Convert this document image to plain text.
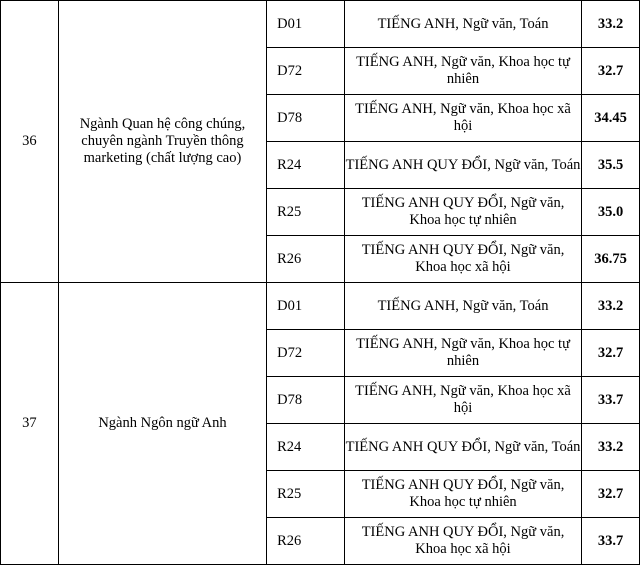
36	Ngành Quan hệ công chúng, chuyên ngành Truyền thông marketing (chất lượng cao)	D01	TIẾNG ANH, Ngữ văn, Toán	33.2
		D72	TIẾNG ANH, Ngữ văn, Khoa học tự nhiên	32.7
		D78	TIẾNG ANH, Ngữ văn, Khoa học xã hội	34.45
		R24	TIẾNG ANH QUY ĐỔI, Ngữ văn, Toán	35.5
		R25	TIẾNG ANH QUY ĐỔI, Ngữ văn, Khoa học tự nhiên	35.0
		R26	TIẾNG ANH QUY ĐỔI, Ngữ văn, Khoa học xã hội	36.75
37	Ngành Ngôn ngữ Anh	D01	TIẾNG ANH, Ngữ văn, Toán	33.2
		D72	TIẾNG ANH, Ngữ văn, Khoa học tự nhiên	32.7
		D78	TIẾNG ANH, Ngữ văn, Khoa học xã hội	33.7
		R24	TIẾNG ANH QUY ĐỔI, Ngữ văn, Toán	33.2
		R25	TIẾNG ANH QUY ĐỔI, Ngữ văn, Khoa học tự nhiên	32.7
		R26	TIẾNG ANH QUY ĐỔI, Ngữ văn, Khoa học xã hội	33.7
